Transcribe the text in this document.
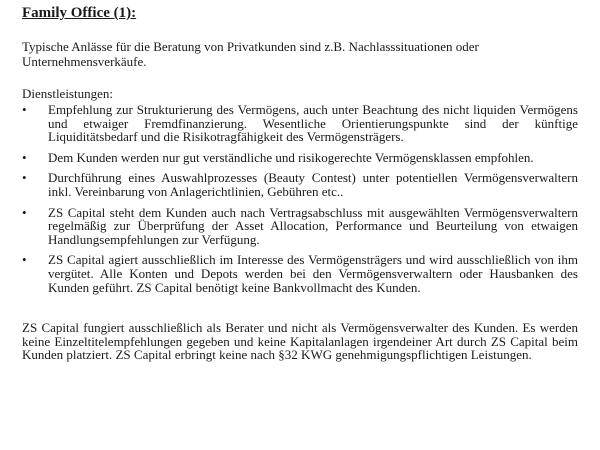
Family Office (1):

Typische Anlässe für die Beratung von Privatkunden sind z.B. Nachlasssituationen oder Unternehmensverkäufe.

Dienstleistungen:

•	Empfehlung zur Strukturierung des Vermögens, auch unter Beachtung des nicht liquiden Vermögens und etwaiger Fremdfinanzierung. Wesentliche Orientierungspunkte sind der künftige Liquiditätsbedarf und die Risikotragfähigkeit des Vermögensträgers.
•	Dem Kunden werden nur gut verständliche und risikogerechte Vermögensklassen empfohlen.
•	Durchführung eines Auswahlprozesses (Beauty Contest) unter potentiellen Vermögensverwaltern inkl. Vereinbarung von Anlagerichtlinien, Gebühren etc..
•	ZS Capital steht dem Kunden auch nach Vertragsabschluss mit ausgewählten Vermögensverwaltern regelmäßig zur Überprüfung der Asset Allocation, Performance und Beurteilung von etwaigen Handlungsempfehlungen zur Verfügung.
•	ZS Capital agiert ausschließlich im Interesse des Vermögensträgers und wird ausschließlich von ihm vergütet. Alle Konten und Depots werden bei den Vermögensverwaltern oder Hausbanken des Kunden geführt. ZS Capital benötigt keine Bankvollmacht des Kunden.

ZS Capital fungiert ausschließlich als Berater und nicht als Vermögensverwalter des Kunden. Es werden keine Einzeltitelempfehlungen gegeben und keine Kapitalanlagen irgendeiner Art durch ZS Capital beim Kunden platziert. ZS Capital erbringt keine nach §32 KWG genehmigungspflichtigen Leistungen.
